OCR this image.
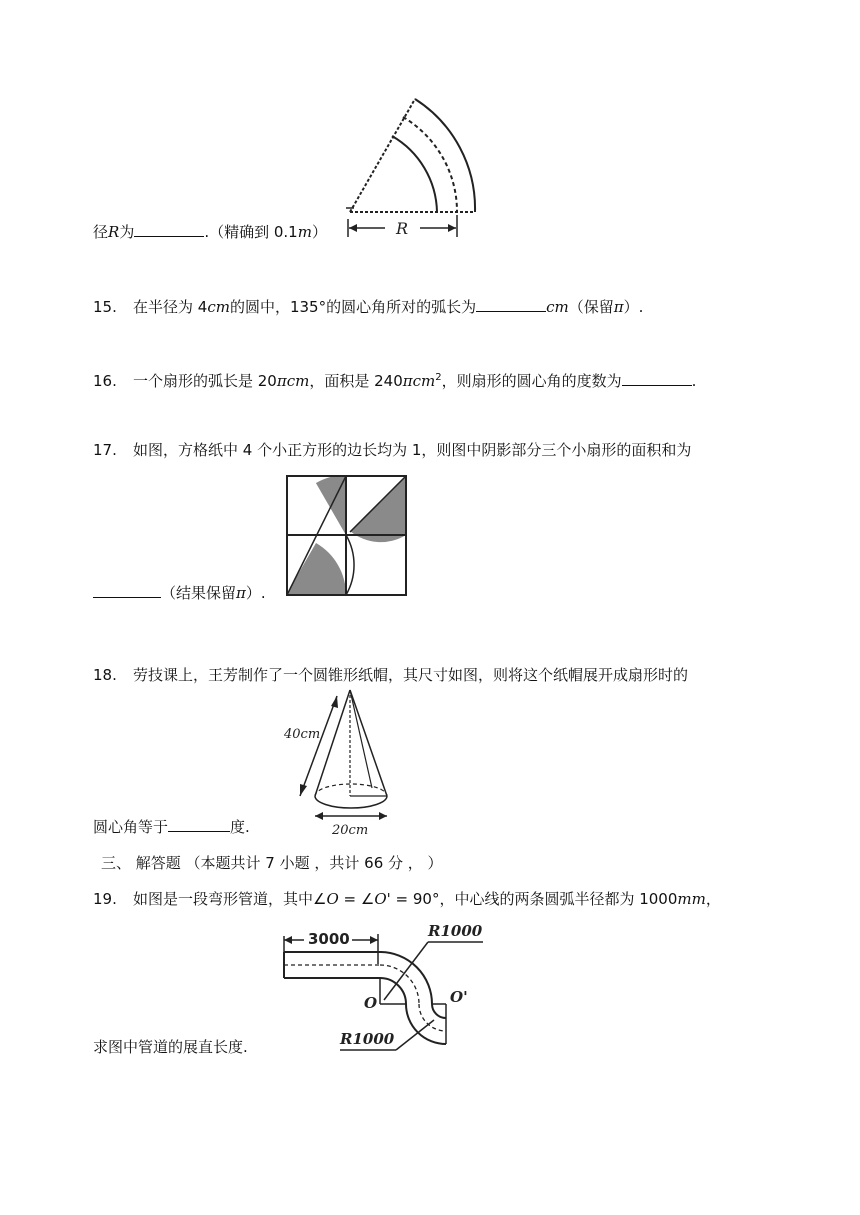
R
径R为	.（精确到 0.1m）
15. 在半径为 4cm的圆中，135°的圆心角所对的弧长为	cm（保留π）.
16. 一个扇形的弧长是 20πcm，面积是 240πcm$^2$，则扇形的圆心角的度数为	.
17. 如图，方格纸中 4 个小正方形的边长均为 1，则图中阴影部分三个小扇形的面积和为
（结果保留π）.
18. 劳技课上，王芳制作了一个圆锥形纸帽，其尺寸如图，则将这个纸帽展开成扇形时的
40cm
20cm
圆心角等于	度.
三、 解答题 （本题共计 7 小题 ，共计 66 分 ， ）
19. 如图是一段弯形管道，其中∠O = ∠O' = 90°，中心线的两条圆弧半径都为 1000mm，
3000	R1000
R1000
O	O'
求图中管道的展直长度.
